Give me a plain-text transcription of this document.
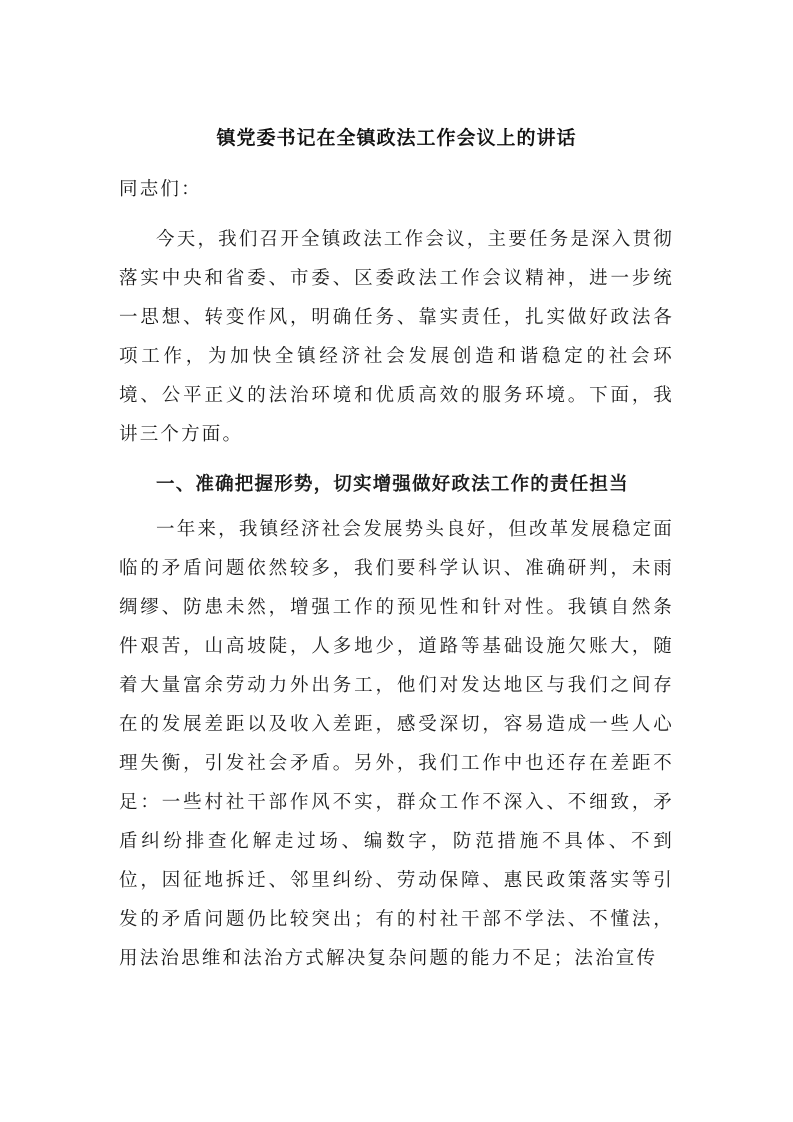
镇党委书记在全镇政法工作会议上的讲话

同志们：

今天，我们召开全镇政法工作会议，主要任务是深入贯彻落实中央和省委、市委、区委政法工作会议精神，进一步统一思想、转变作风，明确任务、靠实责任，扎实做好政法各项工作，为加快全镇经济社会发展创造和谐稳定的社会环境、公平正义的法治环境和优质高效的服务环境。下面，我讲三个方面。

一、准确把握形势，切实增强做好政法工作的责任担当

一年来，我镇经济社会发展势头良好，但改革发展稳定面临的矛盾问题依然较多，我们要科学认识、准确研判，未雨绸缪、防患未然，增强工作的预见性和针对性。我镇自然条件艰苦，山高坡陡，人多地少，道路等基础设施欠账大，随着大量富余劳动力外出务工，他们对发达地区与我们之间存在的发展差距以及收入差距，感受深切，容易造成一些人心理失衡，引发社会矛盾。另外，我们工作中也还存在差距不足：一些村社干部作风不实，群众工作不深入、不细致，矛盾纠纷排查化解走过场、编数字，防范措施不具体、不到位，因征地拆迁、邻里纠纷、劳动保障、惠民政策落实等引发的矛盾问题仍比较突出；有的村社干部不学法、不懂法，用法治思维和法治方式解决复杂问题的能力不足；法治宣传
